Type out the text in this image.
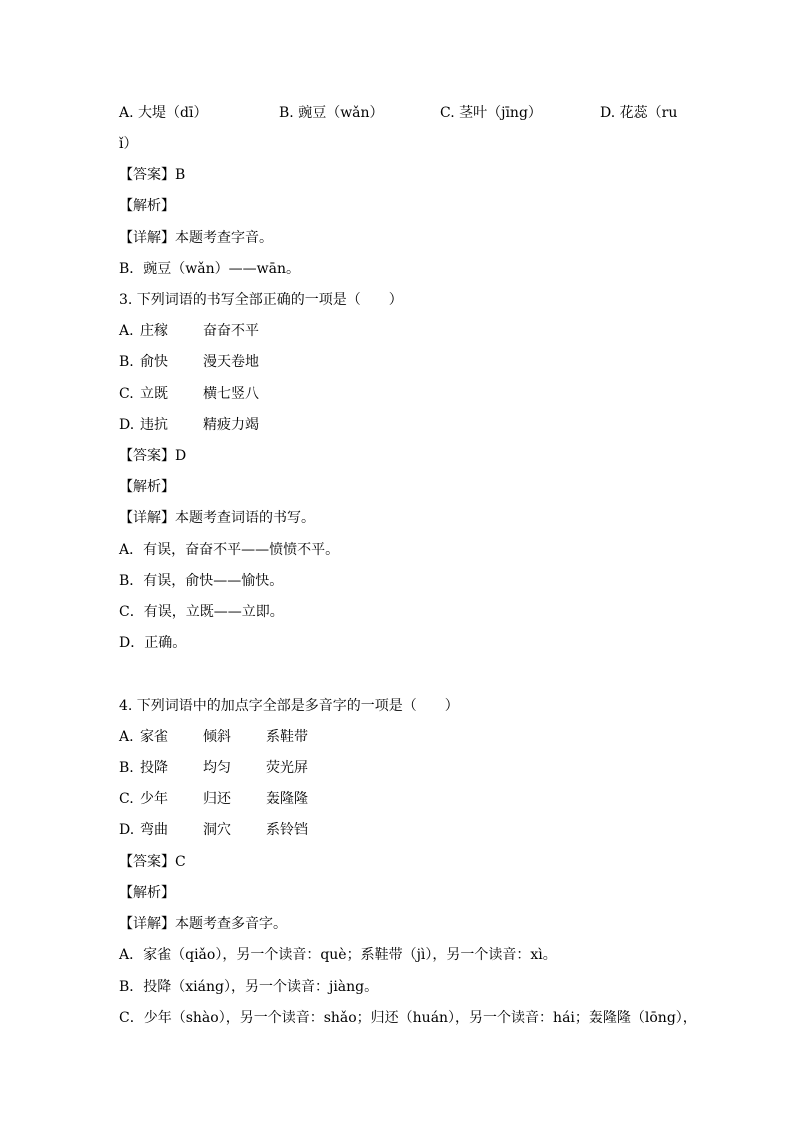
A. 大堤（dī）	B. 豌豆（wǎn）	C. 茎叶（jīng）	D. 花蕊（ru
ǐ）
【答案】B
【解析】
【详解】本题考查字音。
B．豌豆（wǎn）——wān。
3. 下列词语的书写全部正确的一项是（　　）
A. 庄稼	奋奋不平
B. 俞快	漫天卷地
C. 立既	横七竖八
D. 违抗	精疲力竭
【答案】D
【解析】
【详解】本题考查词语的书写。
A．有误，奋奋不平——愤愤不平。
B．有误，俞快——愉快。
C．有误，立既——立即。
D．正确。
4. 下列词语中的加点字全部是多音字的一项是（　　）
A. 家雀	倾斜	系鞋带
B. 投降	均匀	荧光屏
C. 少年	归还	轰隆隆
D. 弯曲	洞穴	系铃铛
【答案】C
【解析】
【详解】本题考查多音字。
A．家雀（qiǎo），另一个读音：què；系鞋带（jì），另一个读音：xì。
B．投降（xiáng），另一个读音：jiàng。
C．少年（shào），另一个读音：shǎo；归还（huán），另一个读音：hái；轰隆隆（lōng），
